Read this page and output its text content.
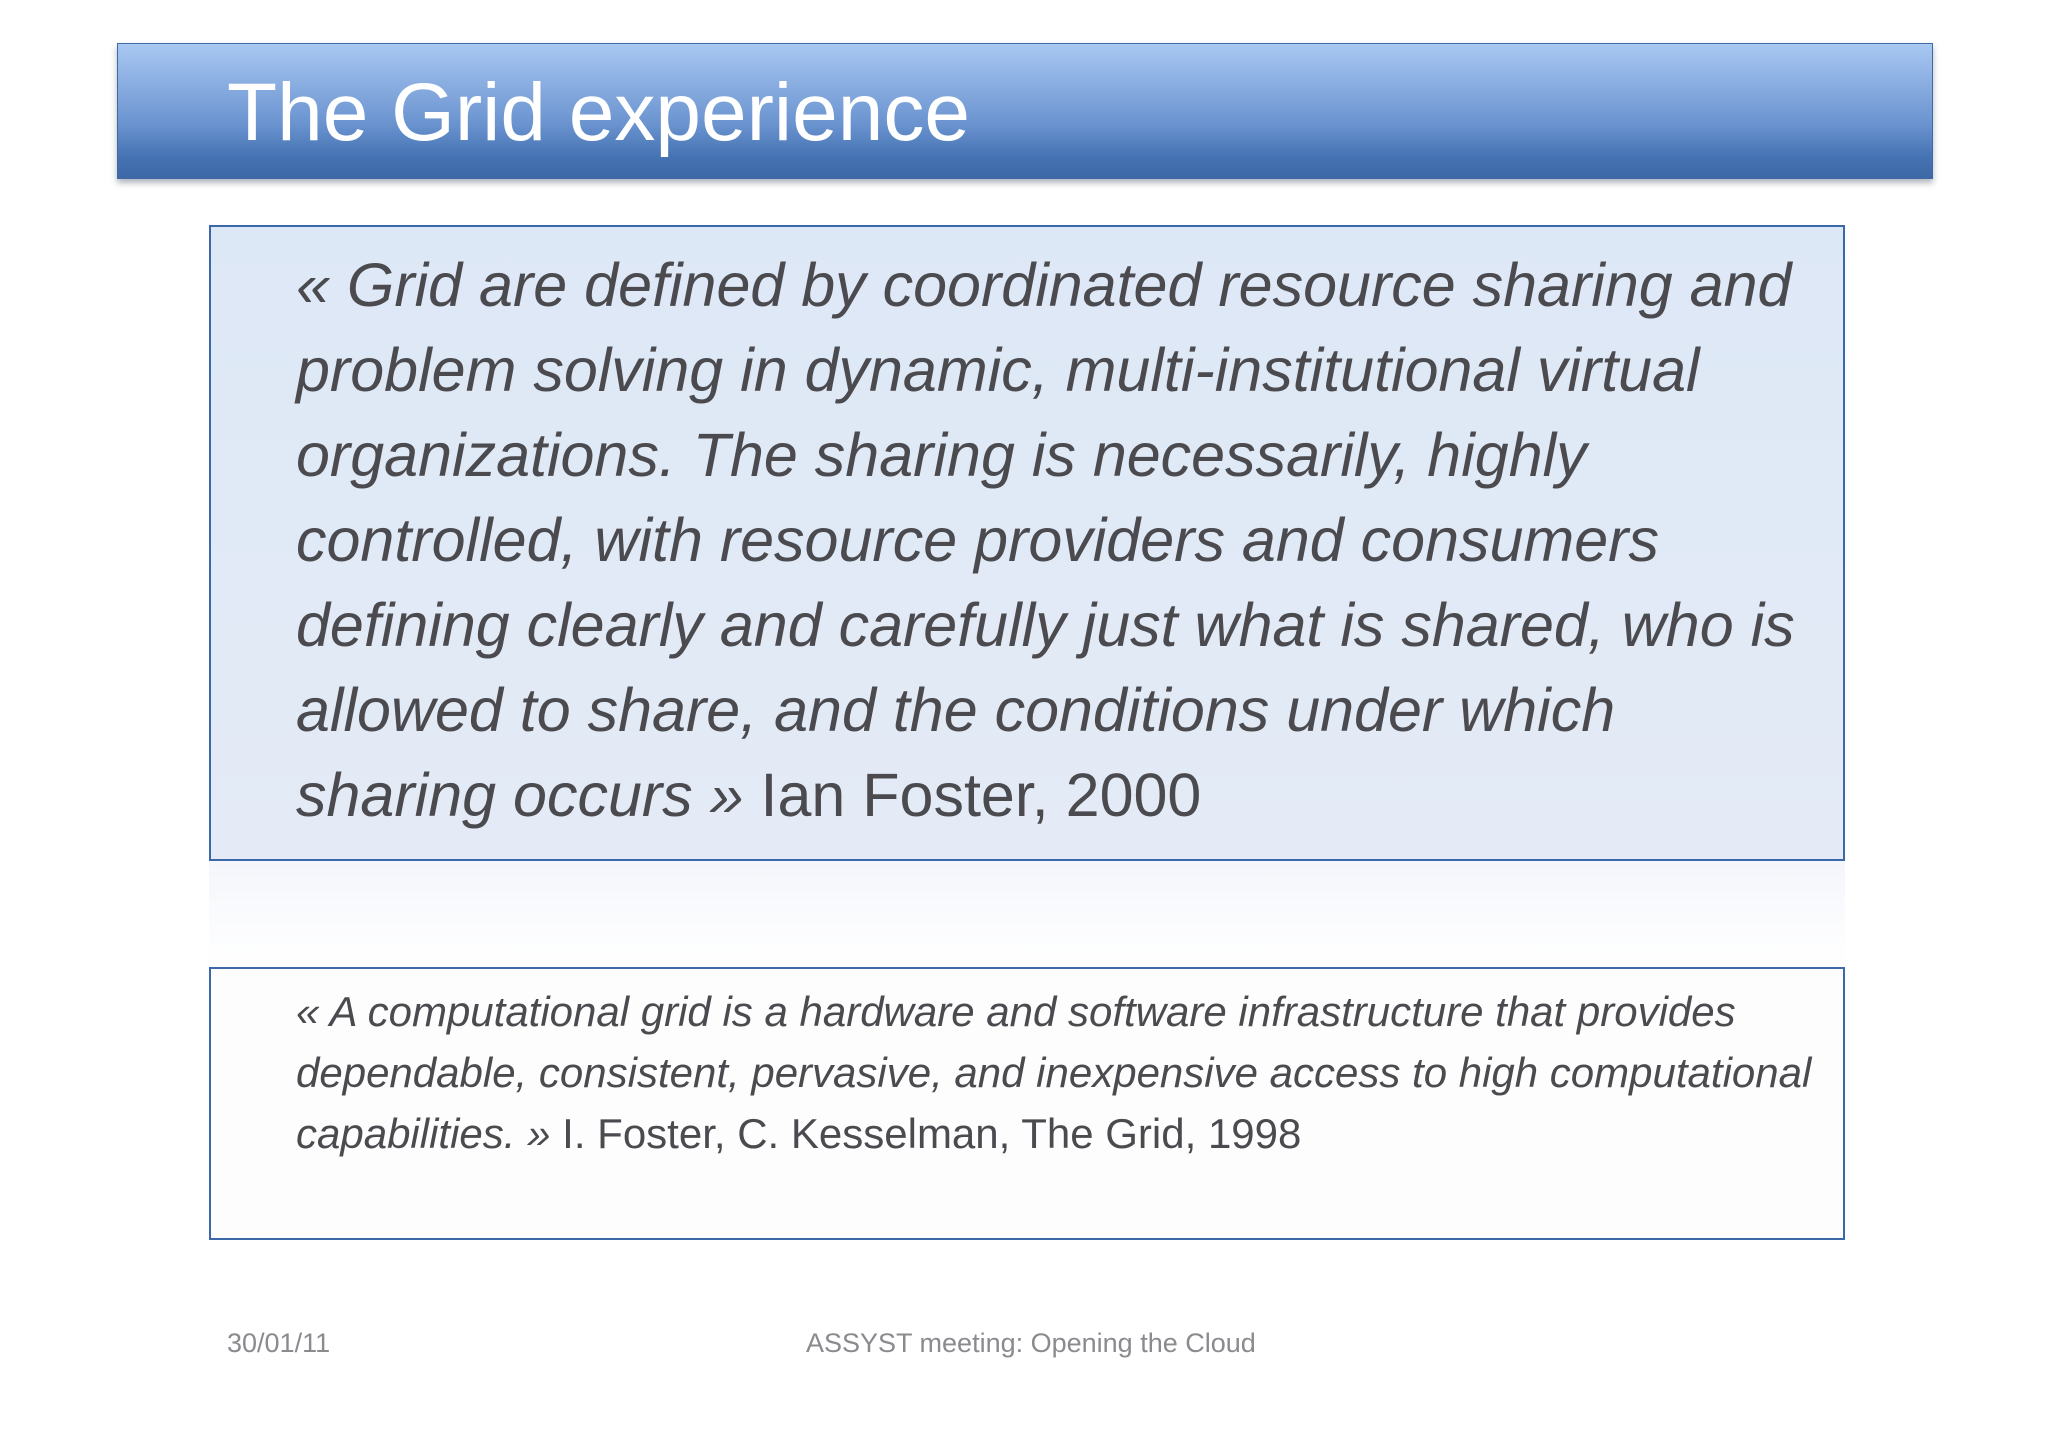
The Grid experience

« Grid are defined by coordinated resource sharing and problem solving in dynamic, multi-institutional virtual organizations. The sharing is necessarily, highly controlled, with resource providers and consumers defining clearly and carefully just what is shared, who is allowed to share, and the conditions under which sharing occurs » Ian Foster, 2000

« A computational grid is a hardware and software infrastructure that provides dependable, consistent, pervasive, and inexpensive access to high computational capabilities. » I. Foster, C. Kesselman, The Grid, 1998

30/01/11	ASSYST meeting: Opening the Cloud
